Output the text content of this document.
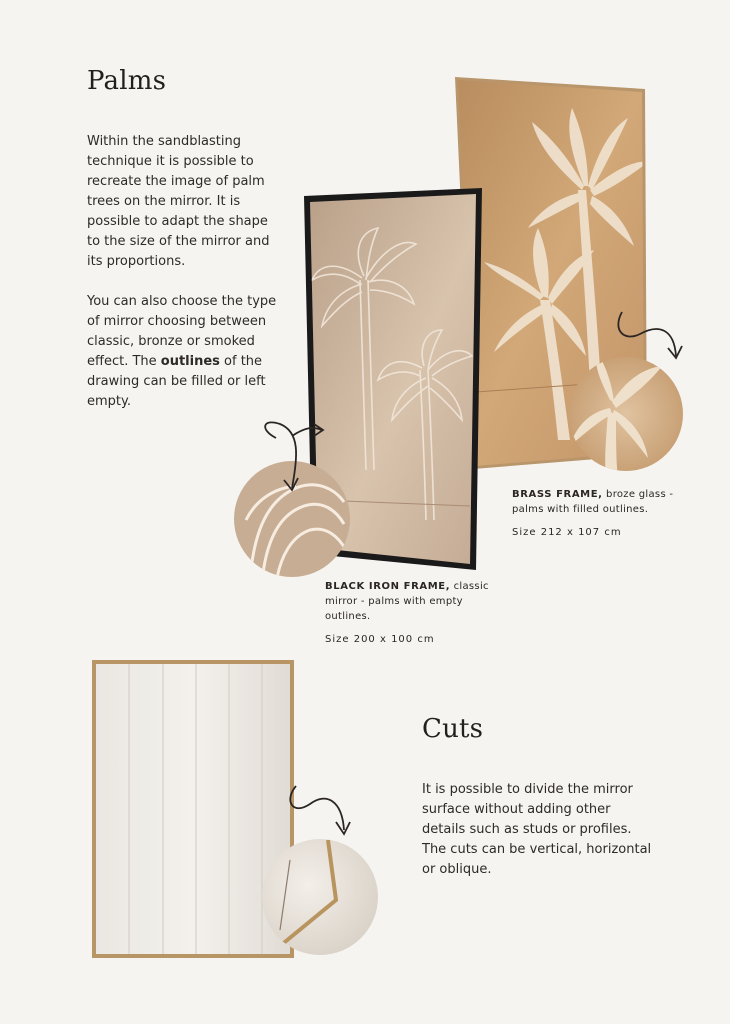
Palms

Within the sandblasting technique it is possible to recreate the image of palm trees on the mirror. It is possible to adapt the shape to the size of the mirror and its proportions.

You can also choose the type of mirror choosing between classic, bronze or smoked effect. The outlines of the drawing can be filled or left empty.

BRASS FRAME, broze glass - palms with filled outlines.
Size 212 x 107 cm
BLACK IRON FRAME, classic mirror - palms with empty outlines.
Size 200 x 100 cm
Cuts
It is possible to divide the mirror surface without adding other details such as studs or profiles. The cuts can be vertical, horizontal or oblique.
